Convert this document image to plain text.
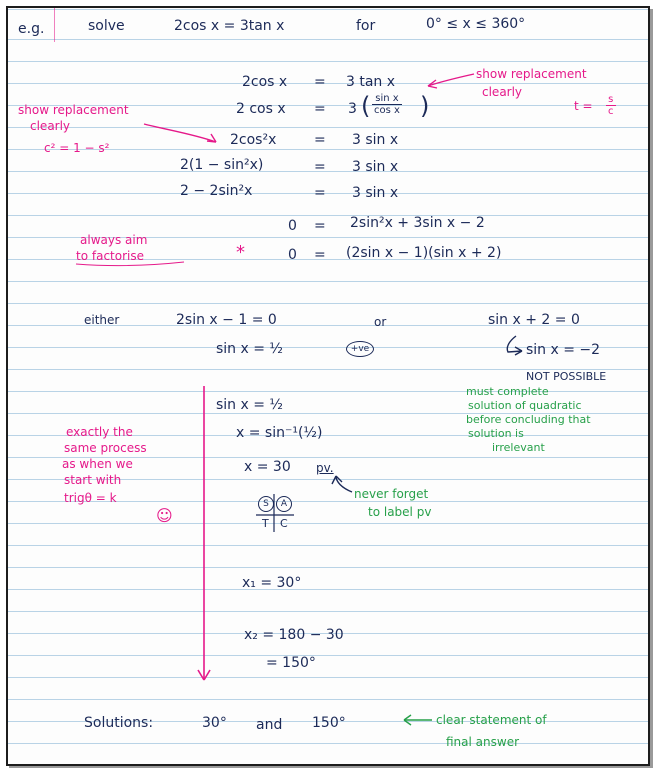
e.g.	solve	2cos x = 3tan x	for	0° ≤ x ≤ 360°
2cos x = 3 tan x
2 cos x = 3 ( $\frac{\text{sin x}}{\text{cos x}}$ )
2cos²x	= 3 sin x
2(1 − sin²x)	= 3 sin x
2 − 2sin²x	= 3 sin x
0 = 2sin²x + 3sin x − 2
*	0 = (2sin x − 1)(sin x + 2)
show replacement
clearly
c² = 1 − s²
always aim
to factorise
show replacement
clearly
$t = \frac{s}{c}$
either	2sin x − 1 = 0	or	sin x + 2 = 0
sin x = ½	+ve	sin x = −2
NOT POSSIBLE
must complete
solution of quadratic
before concluding that
solution is
irrelevant
sin x = ½
x = sin⁻¹(½)
x = 30 pv.
S	A
T C
x₁ = 30°
x₂ = 180 − 30
= 150°
never forget
to label pv
exactly the
same process
as when we
start with
trigθ = k
☺
Solutions:	30° and 150°	clear statement of
final answer
